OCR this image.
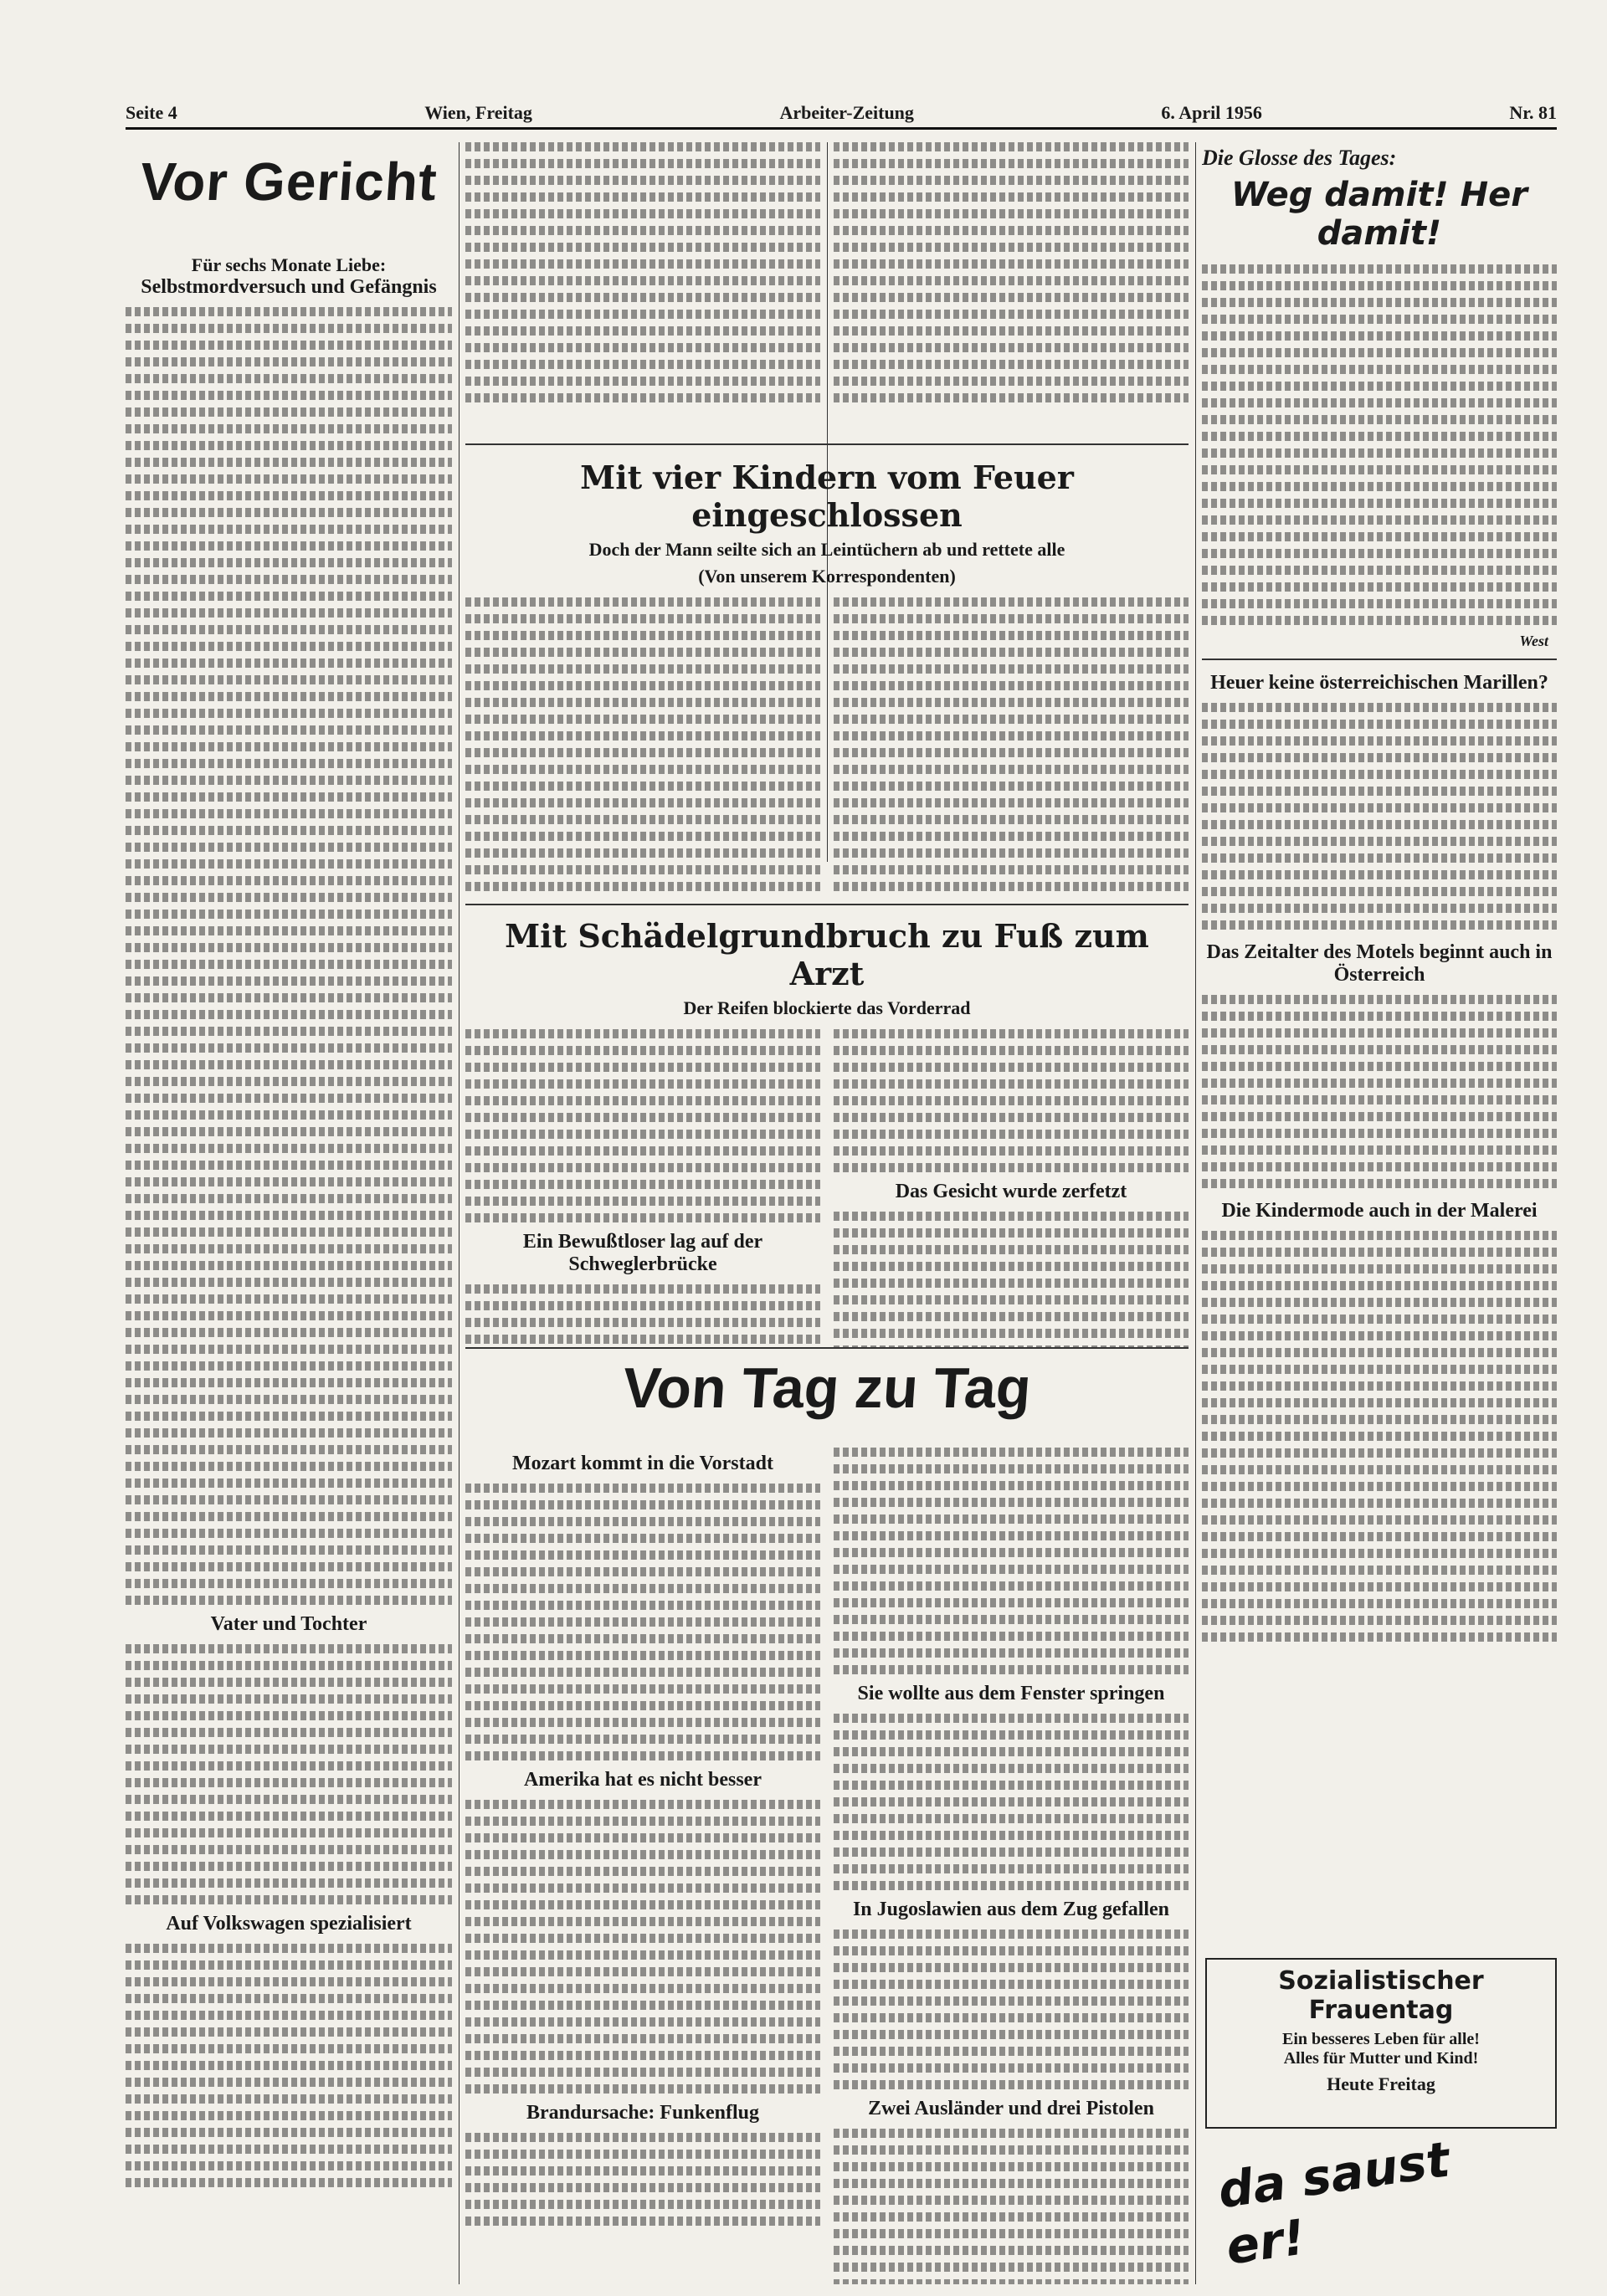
Seite 4	Wien, Freitag	Arbeiter-Zeitung	6. April 1956	Nr. 81
Vor Gericht
Für sechs Monate Liebe:
Selbstmordversuch und Gefängnis
Vater und Tochter
Auf Volkswagen spezialisiert
Mit vier Kindern vom Feuer eingeschlossen
Doch der Mann seilte sich an Leintüchern ab und rettete alle
(Von unserem Korrespondenten)
Mit Schädelgrundbruch zu Fuß zum Arzt
Der Reifen blockierte das Vorderrad
Ein Bewußtloser lag auf der Schweglerbrücke
Das Gesicht wurde zerfetzt
Von Tag zu Tag
Mozart kommt in die Vorstadt
Amerika hat es nicht besser
Brandursache: Funkenflug
Sie wollte aus dem Fenster springen
In Jugoslawien aus dem Zug gefallen
Zwei Ausländer und drei Pistolen
Die Glosse des Tages:
Weg damit! Her damit!
West
Heuer keine österreichischen Marillen?
Das Zeitalter des Motels beginnt auch in Österreich
Die Kindermode auch in der Malerei
Sozialistischer Frauentag
Ein besseres Leben für alle!
Alles für Mutter und Kind!
Heute Freitag
da saust er!
